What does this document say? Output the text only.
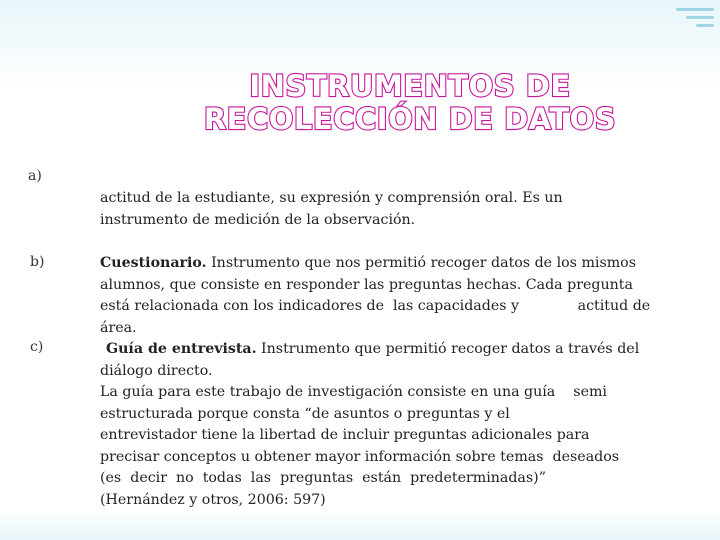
INSTRUMENTOS DE
RECOLECCIÓN DE DATOS
a)

actitud de la estudiante, su expresión y comprensión oral. Es un

instrumento de medición de la observación.

b)	Cuestionario. Instrumento que nos permitió recoger datos de los mismos

alumnos, que consiste en responder las preguntas hechas. Cada pregunta

está relacionada con los indicadores de  las capacidades y             actitud de

área.

c)	Guía de entrevista. Instrumento que permitió recoger datos a través del

diálogo directo.

La guía para este trabajo de investigación consiste en una guía    semi

estructurada porque consta “de asuntos o preguntas y el

entrevistador tiene la libertad de incluir preguntas adicionales para

precisar conceptos u obtener mayor información sobre temas  deseados

(es  decir  no  todas  las  preguntas  están  predeterminadas)”

(Hernández y otros, 2006: 597)
